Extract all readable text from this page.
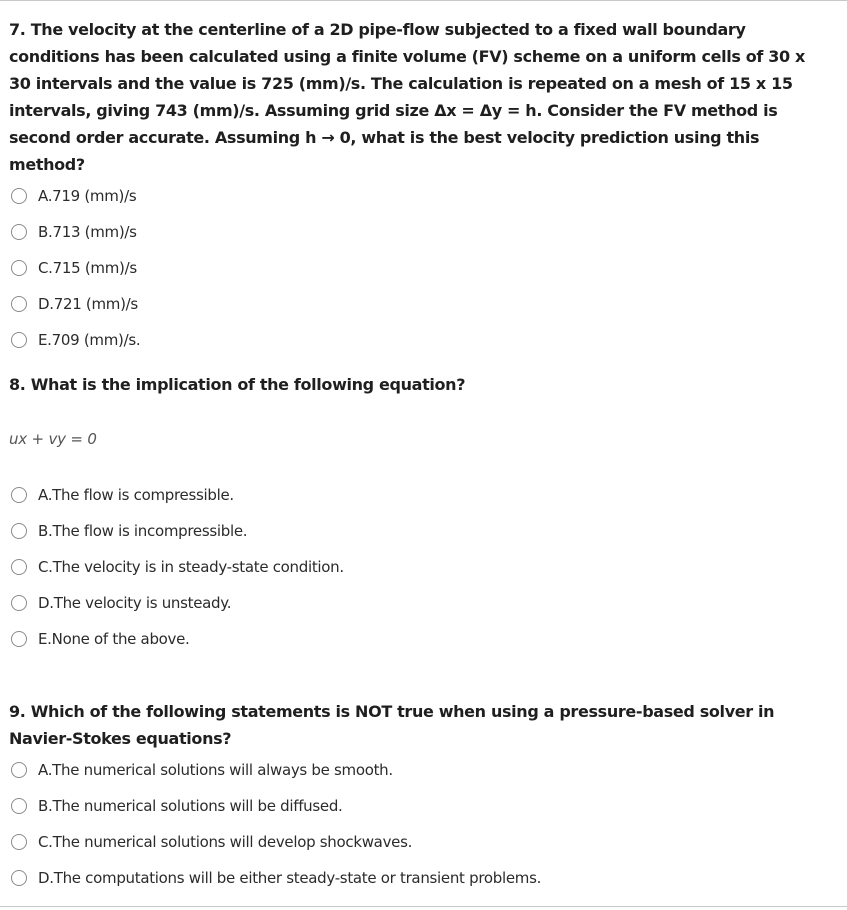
7. The velocity at the centerline of a 2D pipe-flow subjected to a fixed wall boundary conditions has been calculated using a finite volume (FV) scheme on a uniform cells of 30 x 30 intervals and the value is 725 (mm)/s. The calculation is repeated on a mesh of 15 x 15 intervals, giving 743 (mm)/s. Assuming grid size Δx = Δy = h. Consider the FV method is second order accurate. Assuming h → 0, what is the best velocity prediction using this method?

A.719 (mm)/s
B.713 (mm)/s
C.715 (mm)/s
D.721 (mm)/s
E.709 (mm)/s.

8. What is the implication of the following equation?

ux + vy = 0
A.The flow is compressible.
B.The flow is incompressible.
C.The velocity is in steady-state condition.
D.The velocity is unsteady.
E.None of the above.

9. Which of the following statements is NOT true when using a pressure-based solver in Navier-Stokes equations?

A.The numerical solutions will always be smooth.
B.The numerical solutions will be diffused.
C.The numerical solutions will develop shockwaves.
D.The computations will be either steady-state or transient problems.
